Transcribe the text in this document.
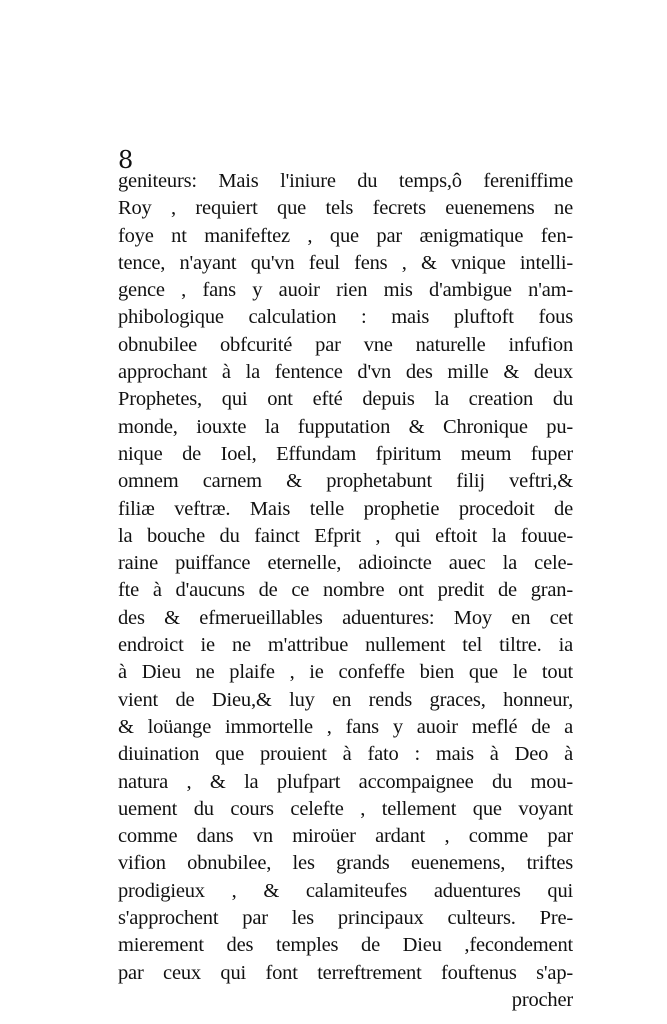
8
geniteurs: Mais l'iniure du temps,ô fereniffime
Roy , requiert que tels fecrets euenemens ne
foye nt manifeftez , que par ænigmatique fen-
tence, n'ayant qu'vn feul fens , & vnique intelli-
gence , fans y auoir rien mis d'ambigue n'am-
phibologique calculation : mais pluftoft fous
obnubilee obfcurité par vne naturelle infufion
approchant à la fentence d'vn des mille & deux
Prophetes, qui ont efté depuis la creation du
monde, iouxte la fupputation & Chronique pu-
nique de Ioel, Effundam fpiritum meum fuper
omnem carnem & prophetabunt filij veftri,&
filiæ veftræ. Mais telle prophetie procedoit de
la bouche du fainct Efprit , qui eftoit la fouue-
raine puiffance eternelle, adioincte auec la cele-
fte à d'aucuns de ce nombre ont predit de gran-
des & efmerueillables aduentures: Moy en cet
endroict ie ne m'attribue nullement tel tiltre. ia
à Dieu ne plaife , ie confeffe bien que le tout
vient de Dieu,& luy en rends graces, honneur,
& loüange immortelle , fans y auoir meflé de a
diuination que prouient à fato : mais à Deo à
natura , & la plufpart accompaignee du mou-
uement du cours celefte , tellement que voyant
comme dans vn miroüer ardant , comme par
vifion obnubilee, les grands euenemens, triftes
prodigieux , & calamiteufes aduentures qui
s'approchent par les principaux culteurs. Pre-
mierement des temples de Dieu ,fecondement
par ceux qui font terreftrement fouftenus s'ap-
procher
